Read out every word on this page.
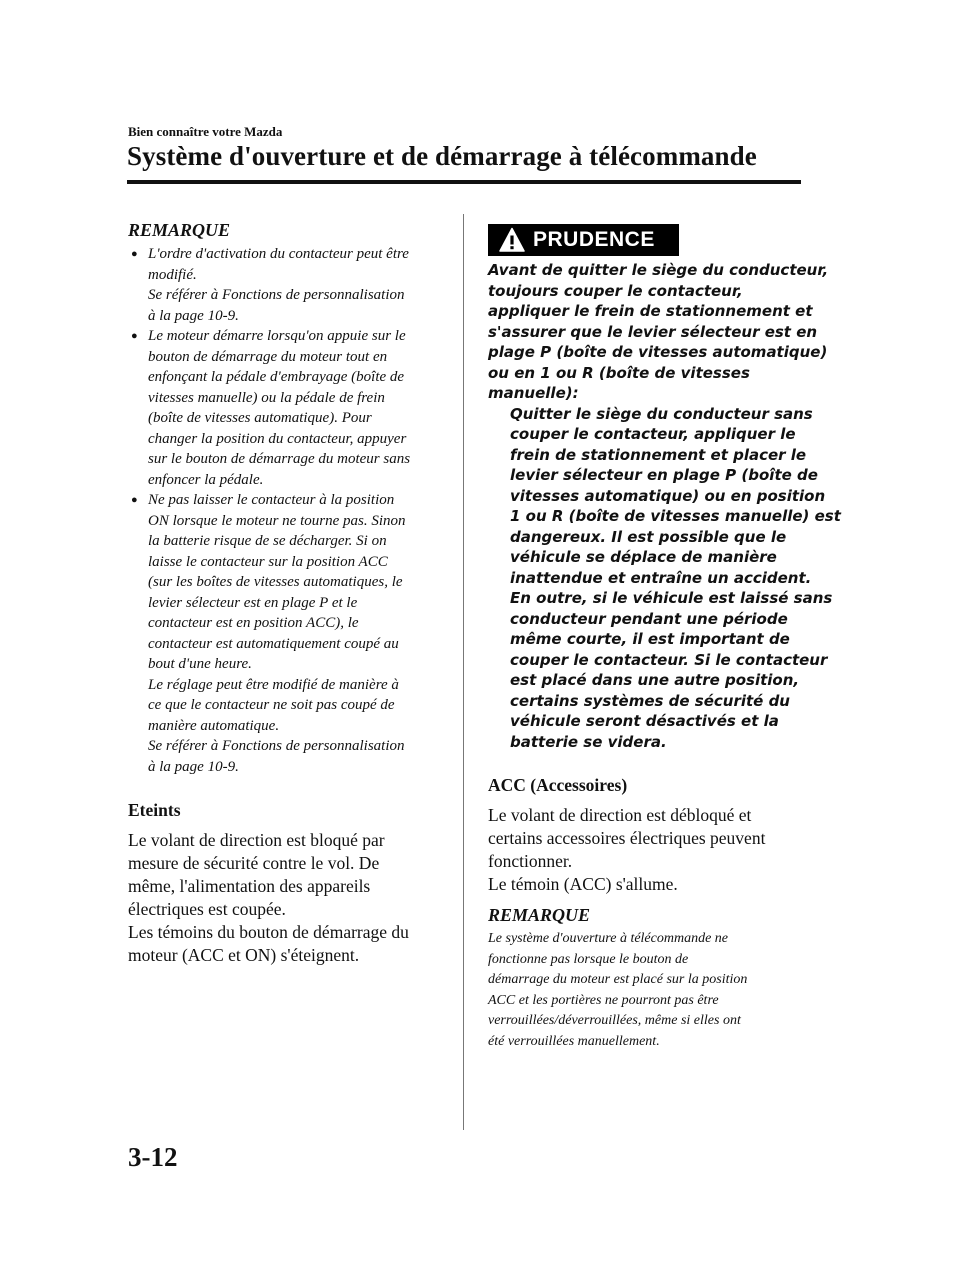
Bien connaître votre Mazda
Système d'ouverture et de démarrage à télécommande
REMARQUE
● L'ordre d'activation du contacteur peut être
modifié.
Se référer à Fonctions de personnalisation
à la page 10-9.
● Le moteur démarre lorsqu'on appuie sur le
bouton de démarrage du moteur tout en
enfonçant la pédale d'embrayage (boîte de
vitesses manuelle) ou la pédale de frein
(boîte de vitesses automatique). Pour
changer la position du contacteur, appuyer
sur le bouton de démarrage du moteur sans
enfoncer la pédale.
● Ne pas laisser le contacteur à la position
ON lorsque le moteur ne tourne pas. Sinon
la batterie risque de se décharger. Si on
laisse le contacteur sur la position ACC
(sur les boîtes de vitesses automatiques, le
levier sélecteur est en plage P et le
contacteur est en position ACC), le
contacteur est automatiquement coupé au
bout d'une heure.
Le réglage peut être modifié de manière à
ce que le contacteur ne soit pas coupé de
manière automatique.
Se référer à Fonctions de personnalisation
à la page 10-9.
Eteints

Le volant de direction est bloqué par
mesure de sécurité contre le vol. De
même, l'alimentation des appareils
électriques est coupée.
Les témoins du bouton de démarrage du
moteur (ACC et ON) s'éteignent.

PRUDENCE

Avant de quitter le siège du conducteur,
toujours couper le contacteur,
appliquer le frein de stationnement et
s'assurer que le levier sélecteur est en
plage P (boîte de vitesses automatique)
ou en 1 ou R (boîte de vitesses
manuelle):

Quitter le siège du conducteur sans
couper le contacteur, appliquer le
frein de stationnement et placer le
levier sélecteur en plage P (boîte de
vitesses automatique) ou en position
1 ou R (boîte de vitesses manuelle) est
dangereux. Il est possible que le
véhicule se déplace de manière
inattendue et entraîne un accident.
En outre, si le véhicule est laissé sans
conducteur pendant une période
même courte, il est important de
couper le contacteur. Si le contacteur
est placé dans une autre position,
certains systèmes de sécurité du
véhicule seront désactivés et la
batterie se videra.

ACC (Accessoires)

Le volant de direction est débloqué et
certains accessoires électriques peuvent
fonctionner.
Le témoin (ACC) s'allume.

REMARQUE

Le système d'ouverture à télécommande ne
fonctionne pas lorsque le bouton de
démarrage du moteur est placé sur la position
ACC et les portières ne pourront pas être
verrouillées/déverrouillées, même si elles ont
été verrouillées manuellement.

3-12
